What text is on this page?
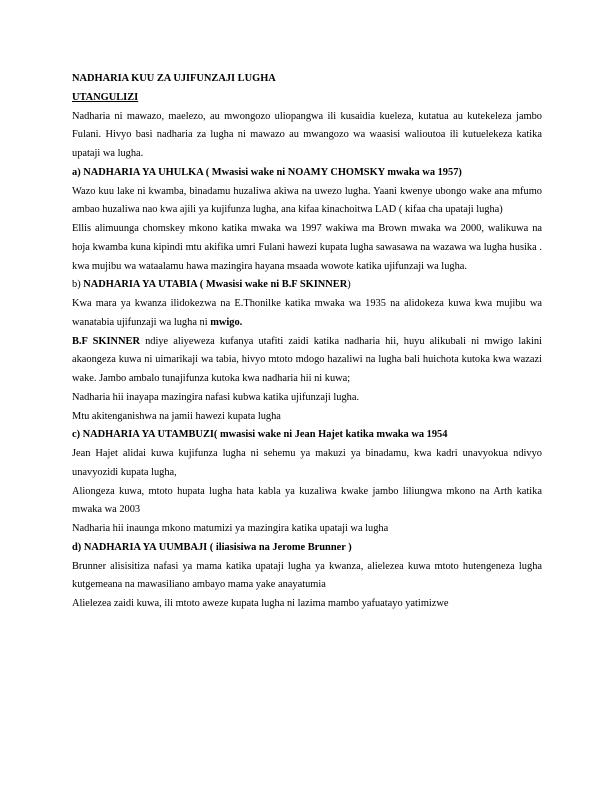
NADHARIA KUU ZA UJIFUNZAJI LUGHA

UTANGULIZI

Nadharia ni mawazo, maelezo, au mwongozo uliopangwa ili kusaidia kueleza, kutatua au kutekeleza jambo Fulani. Hivyo basi nadharia za lugha ni mawazo au mwangozo wa waasisi walioutoa ili kutuelekeza katika upataji wa lugha.

a) NADHARIA YA UHULKA ( Mwasisi wake ni NOAMY CHOMSKY mwaka wa 1957)

Wazo kuu lake ni kwamba, binadamu huzaliwa akiwa na uwezo lugha. Yaani kwenye ubongo wake ana mfumo ambao huzaliwa nao kwa ajili ya kujifunza lugha, ana kifaa kinachoitwa LAD ( kifaa cha upataji lugha)

Ellis alimuunga chomskey mkono katika mwaka wa 1997 wakiwa ma Brown mwaka wa 2000, walikuwa na hoja kwamba kuna kipindi mtu akifika umri Fulani hawezi kupata lugha sawasawa na wazawa wa lugha husika . kwa mujibu wa wataalamu hawa mazingira hayana msaada wowote katika ujifunzaji wa lugha.

b) NADHARIA YA UTABIA ( Mwasisi wake ni B.F SKINNER)

Kwa mara ya kwanza ilidokezwa na E.Thonilke katika mwaka wa 1935 na alidokeza kuwa kwa mujibu wa wanatabia ujifunzaji wa lugha ni mwigo.

B.F SKINNER ndiye aliyeweza kufanya utafiti zaidi katika nadharia hii, huyu alikubali ni mwigo lakini akaongeza kuwa ni uimarikaji wa tabia, hivyo mtoto mdogo hazaliwi na lugha bali huichota kutoka kwa wazazi wake. Jambo ambalo tunajifunza kutoka kwa nadharia hii ni kuwa;

Nadharia hii inayapa mazingira nafasi kubwa katika ujifunzaji lugha.

Mtu akitenganishwa na jamii hawezi kupata lugha

c) NADHARIA YA UTAMBUZI( mwasisi wake ni Jean Hajet katika mwaka wa 1954

Jean Hajet alidai kuwa kujifunza lugha ni sehemu ya makuzi ya binadamu, kwa kadri unavyokua ndivyo unavyozidi kupata lugha,

Aliongeza kuwa, mtoto hupata lugha hata kabla ya kuzaliwa kwake jambo liliungwa mkono na Arth katika mwaka wa 2003

Nadharia hii inaunga mkono matumizi ya mazingira katika upataji wa lugha

d) NADHARIA YA UUMBAJI ( iliasisiwa na Jerome Brunner )

Brunner alisisitiza nafasi ya mama katika upataji lugha ya kwanza, alielezea kuwa mtoto hutengeneza lugha kutgemeana na mawasiliano ambayo mama yake anayatumia

Alielezea zaidi kuwa, ili mtoto aweze kupata lugha ni lazima mambo yafuatayo yatimizwe
